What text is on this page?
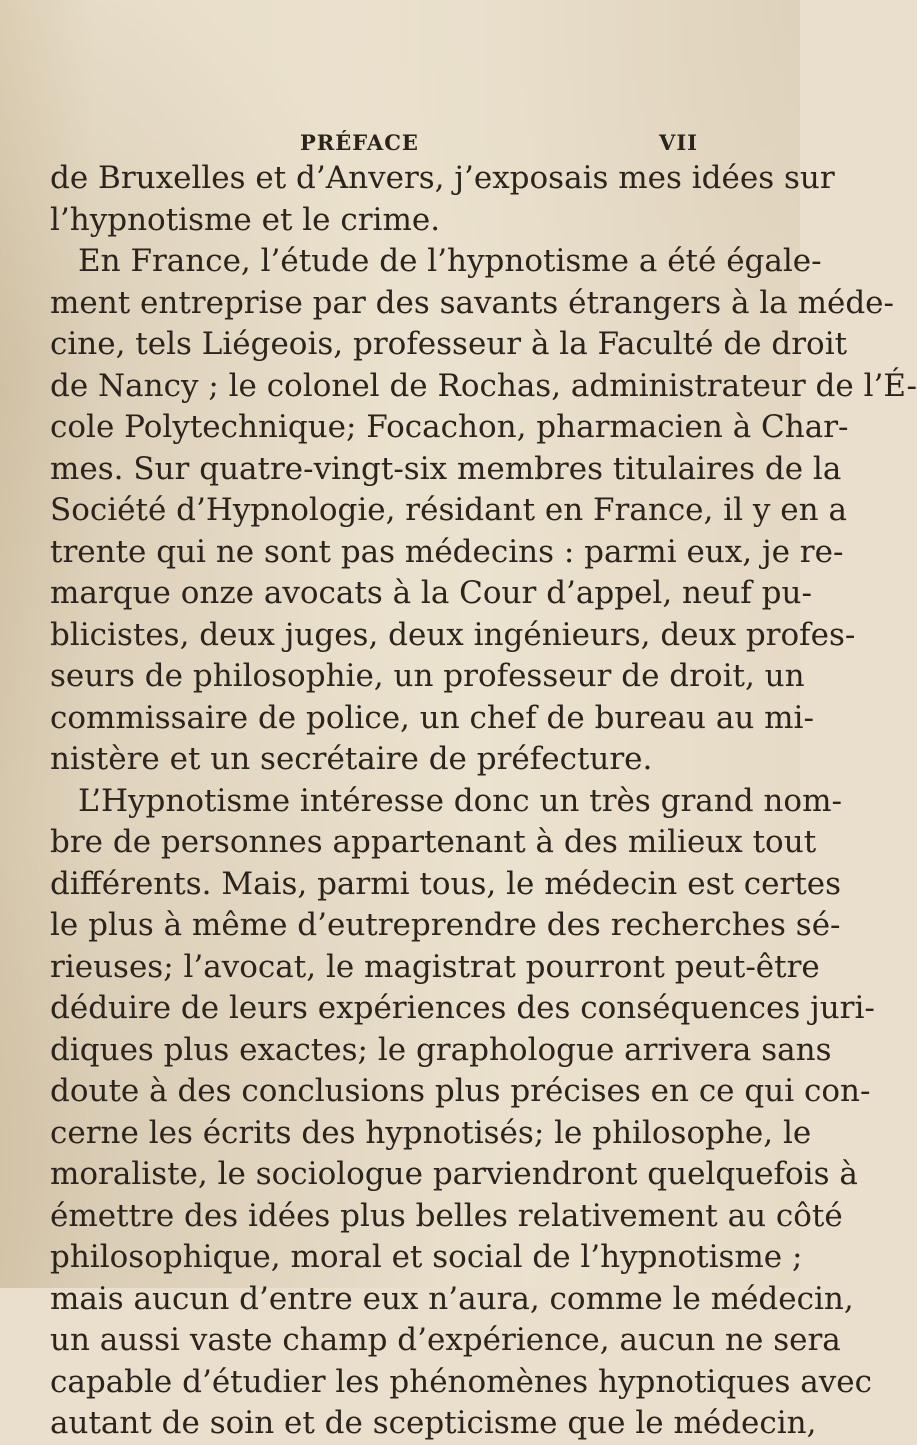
PRÉFACE	VII
de Bruxelles et d’Anvers, j’exposais mes idées sur
l’hypnotisme et le crime.
En France, l’étude de l’hypnotisme a été égale-
ment entreprise par des savants étrangers à la méde-
cine, tels Liégeois, professeur à la Faculté de droit
de Nancy ; le colonel de Rochas, administrateur de l’É-
cole Polytechnique; Focachon, pharmacien à Char-
mes. Sur quatre-vingt-six membres titulaires de la
Société d’Hypnologie, résidant en France, il y en a
trente qui ne sont pas médecins : parmi eux, je re-
marque onze avocats à la Cour d’appel, neuf pu-
blicistes, deux juges, deux ingénieurs, deux profes-
seurs de philosophie, un professeur de droit, un
commissaire de police, un chef de bureau au mi-
nistère et un secrétaire de préfecture.
L’Hypnotisme intéresse donc un très grand nom-
bre de personnes appartenant à des milieux tout
différents. Mais, parmi tous, le médecin est certes
le plus à même d’eutreprendre des recherches sé-
rieuses; l’avocat, le magistrat pourront peut-être
déduire de leurs expériences des conséquences juri-
diques plus exactes; le graphologue arrivera sans
doute à des conclusions plus précises en ce qui con-
cerne les écrits des hypnotisés; le philosophe, le
moraliste, le sociologue parviendront quelquefois à
émettre des idées plus belles relativement au côté
philosophique, moral et social de l’hypnotisme ;
mais aucun d’entre eux n’aura, comme le médecin,
un aussi vaste champ d’expérience, aucun ne sera
capable d’étudier les phénomènes hypnotiques avec
autant de soin et de scepticisme que le médecin,
